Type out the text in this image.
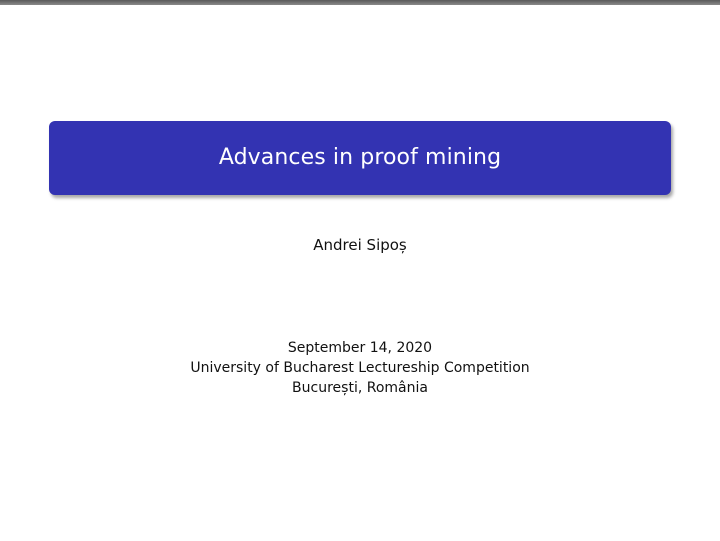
Advances in proof mining
Andrei Sipoș
September 14, 2020
University of Bucharest Lectureship Competition
București, România
